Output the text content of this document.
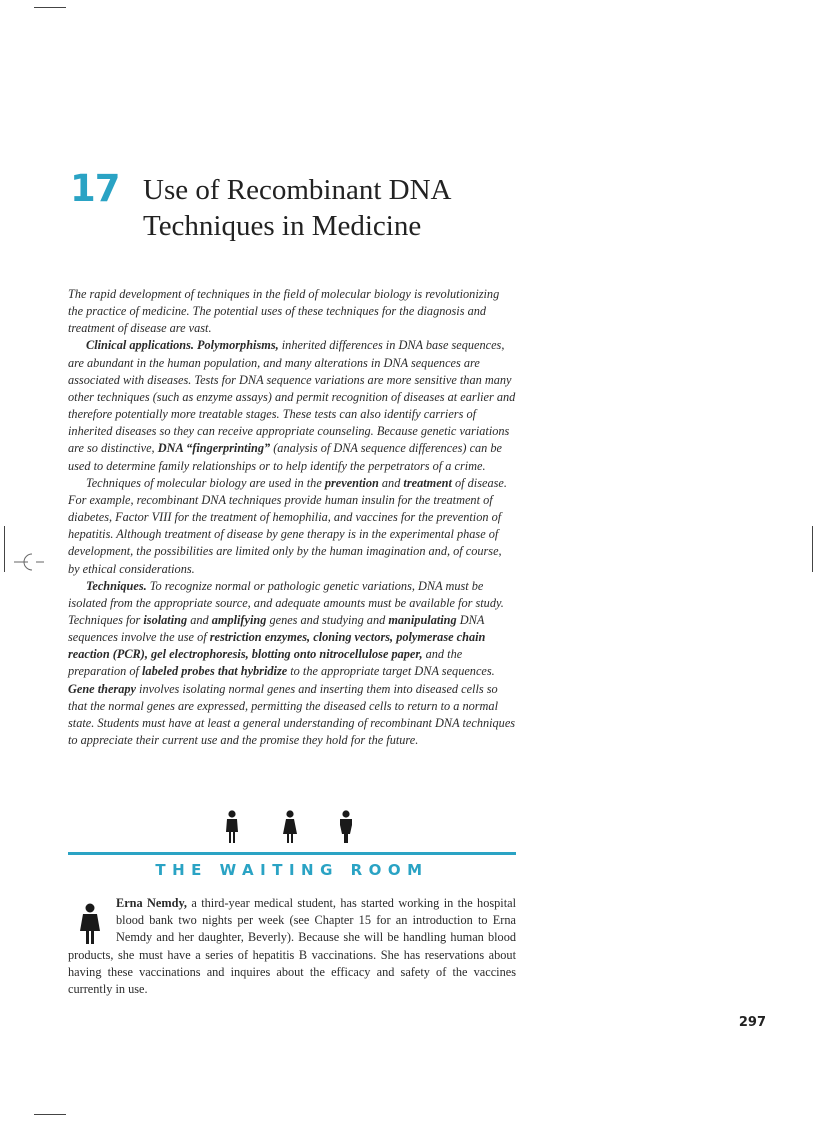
17 Use of Recombinant DNA
Techniques in Medicine

The rapid development of techniques in the field of molecular biology is revolutionizing the practice of medicine. The potential uses of these techniques for the diagnosis and treatment of disease are vast.

Clinical applications. Polymorphisms, inherited differences in DNA base sequences, are abundant in the human population, and many alterations in DNA sequences are associated with diseases. Tests for DNA sequence variations are more sensitive than many other techniques (such as enzyme assays) and permit recognition of diseases at earlier and therefore potentially more treatable stages. These tests can also identify carriers of inherited diseases so they can receive appropriate counseling. Because genetic variations are so distinctive, DNA “fingerprinting” (analysis of DNA sequence differences) can be used to determine family relationships or to help identify the perpetrators of a crime.

Techniques of molecular biology are used in the prevention and treatment of disease. For example, recombinant DNA techniques provide human insulin for the treatment of diabetes, Factor VIII for the treatment of hemophilia, and vaccines for the prevention of hepatitis. Although treatment of disease by gene therapy is in the experimental phase of development, the possibilities are limited only by the human imagination and, of course, by ethical considerations.

Techniques. To recognize normal or pathologic genetic variations, DNA must be isolated from the appropriate source, and adequate amounts must be available for study. Techniques for isolating and amplifying genes and studying and manipulating DNA sequences involve the use of restriction enzymes, cloning vectors, polymerase chain reaction (PCR), gel electrophoresis, blotting onto nitrocellulose paper, and the preparation of labeled probes that hybridize to the appropriate target DNA sequences. Gene therapy involves isolating normal genes and inserting them into diseased cells so that the normal genes are expressed, permitting the diseased cells to return to a normal state. Students must have at least a general understanding of recombinant DNA techniques to appreciate their current use and the promise they hold for the future.

THE WAITING ROOM
Erna Nemdy, a third-year medical student, has started working in the hospital blood bank two nights per week (see Chapter 15 for an introduction to Erna Nemdy and her daughter, Beverly). Because she will be handling human blood products, she must have a series of hepatitis B vaccinations. She has reservations about having these vaccinations and inquires about the efficacy and safety of the vaccines currently in use.
297
